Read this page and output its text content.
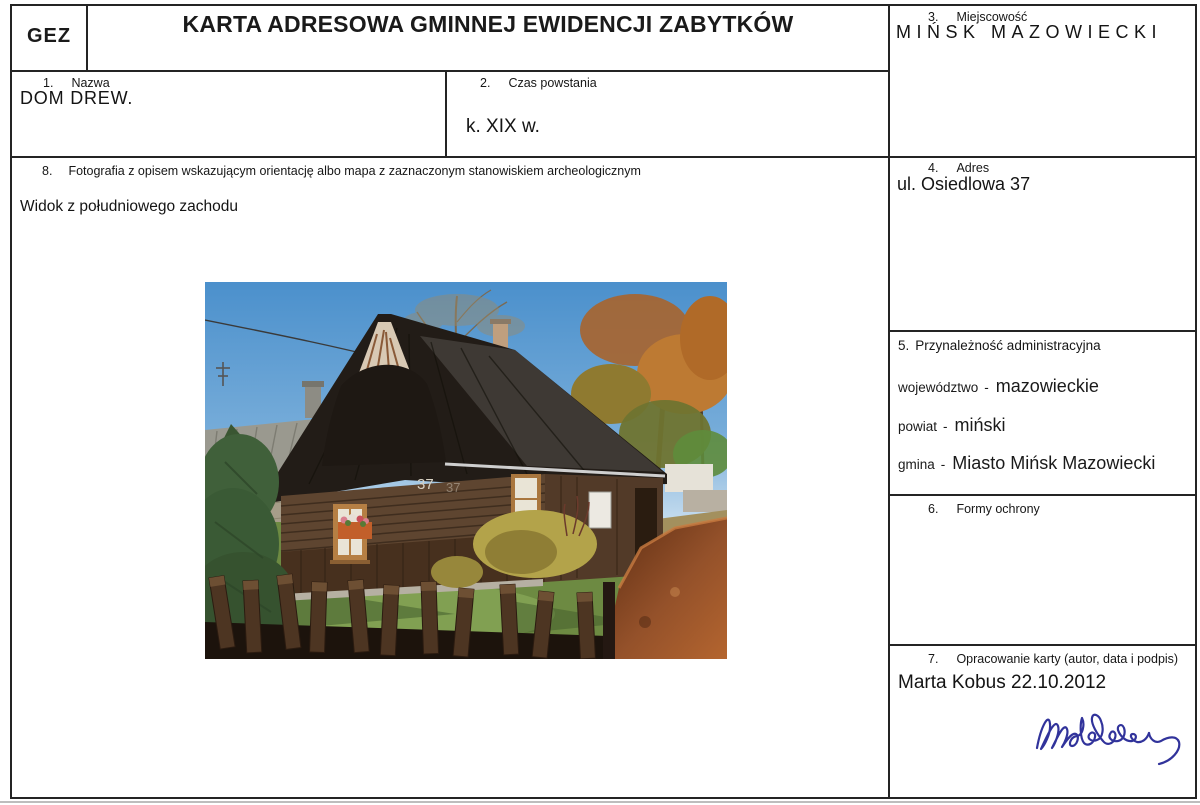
GEZ	KARTA ADRESOWA GMINNEJ EWIDENCJI ZABYTKÓW
1. Nazwa
DOM DREW.
2. Czas powstania
k. XIX w.
8. Fotografia z opisem wskazującym orientację albo mapa z zaznaczonym stanowiskiem archeologicznym
Widok z południowego zachodu
37 37
3. Miejscowość
MIŃSK MAZOWIECKI
4. Adres
ul. Osiedlowa 37
5. Przynależność administracyjna
województwo - mazowieckie
powiat - miński
gmina - Miasto Mińsk Mazowiecki
6. Formy ochrony
7. Opracowanie karty (autor, data i podpis)
Marta Kobus 22.10.2012
